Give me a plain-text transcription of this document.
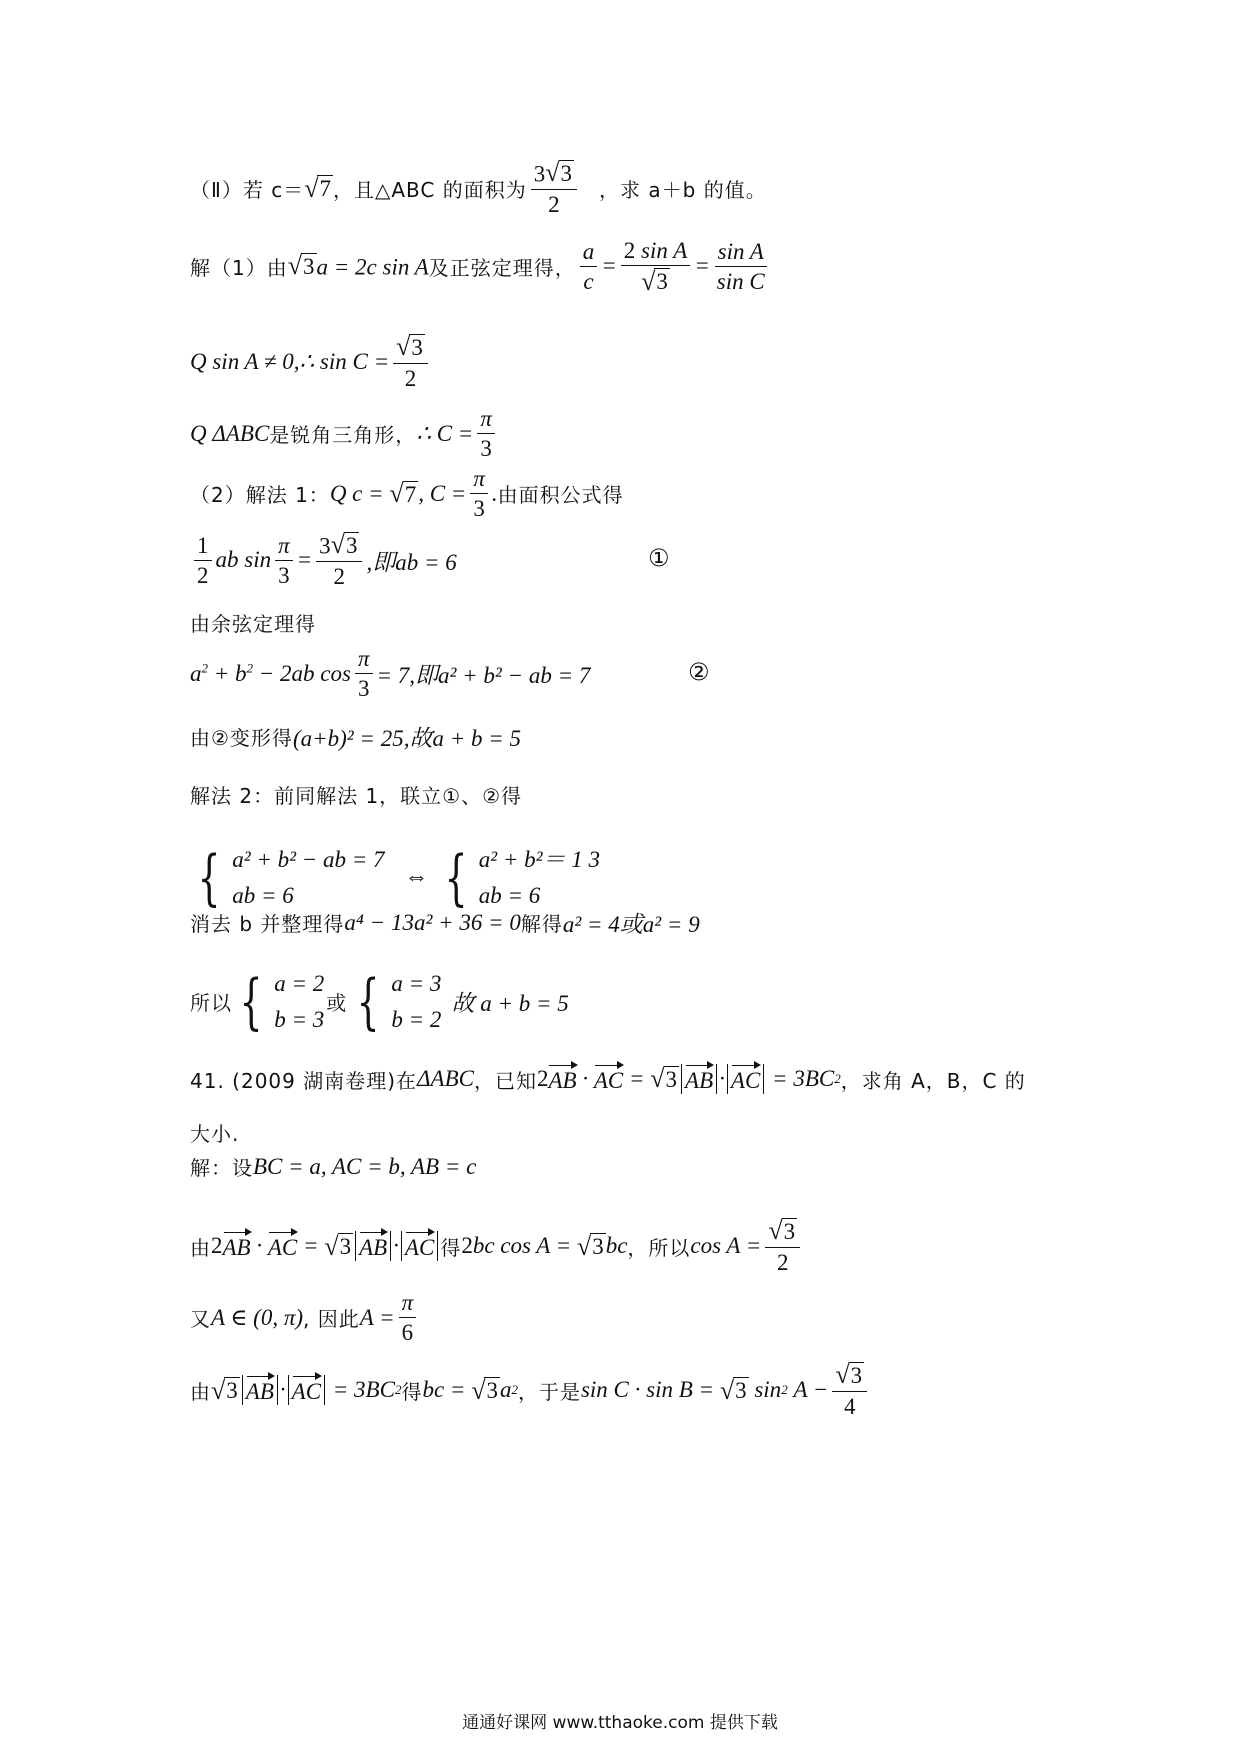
（Ⅱ）若 c＝ √ 7 ，且△ABC 的面积为 $\frac{3 √ 3}{2}$ ，求 a＋b 的值。
解（1）由 √ 3 a = 2c sin A 及正弦定理得， $\frac{a}{c} = \frac{\text{2 sin A}}{√ 3} = \frac{\text{sin A}}{\text{sin C}}$
Q sin A ≠ 0,∴ $\sin C = \frac{√ 3}{2}$
Q ΔABC 是锐角三角形， ∴ $C = \frac{\pi}{3}$
（2）解法 1： Q c = √ 7 , $C = \frac{\pi}{3}$ . 由面积公式得
$\frac{1}{2}$ ab $\sin \frac{\pi}{3} = \frac{3 √ 3}{2}$ ,即ab = 6	①
由余弦定理得
$a^2 + b^2 - 2ab$ $\cos \frac{\pi}{3} = 7$,即a² + b² − ab = 7	②
由②变形得 (a+b)² = 25,故a + b = 5
解法 2：前同解法 1，联立①、②得
{ a² + b² − ab = 7
ab = 6
⇔ { a² + b²＝ 1 3
ab = 6
消去 b 并整理得 a⁴ − 13a² + 36 = 0 解得 a² = 4或a² = 9
所以 { a = 2
b = 3
或 { a = 3
b = 2
故 a + b = 5
41. (2009 湖南卷理)在 ΔABC ，已知 2 AB · AC = √ 3 AB · AC = 3BC 2 ，求角 A，B，C 的
大小.
解：设 BC = a, AC = b, AB = c
由 2 AB · AC = √ 3 AB · AC 得 2 bc cos A = √ 3 bc ，所以 $\cos A = \frac{√ 3}{2}$
又 A ∈ (0, π) , 因此 $A = \frac{\pi}{6}$
由 √ 3 AB · AC = 3BC 2 得 bc = √ 3 a 2 ，于是 sin C · sin B = √ 3 sin 2 $A - \frac{√ 3}{4}$
通通好课网 www.tthaoke.com 提供下载
